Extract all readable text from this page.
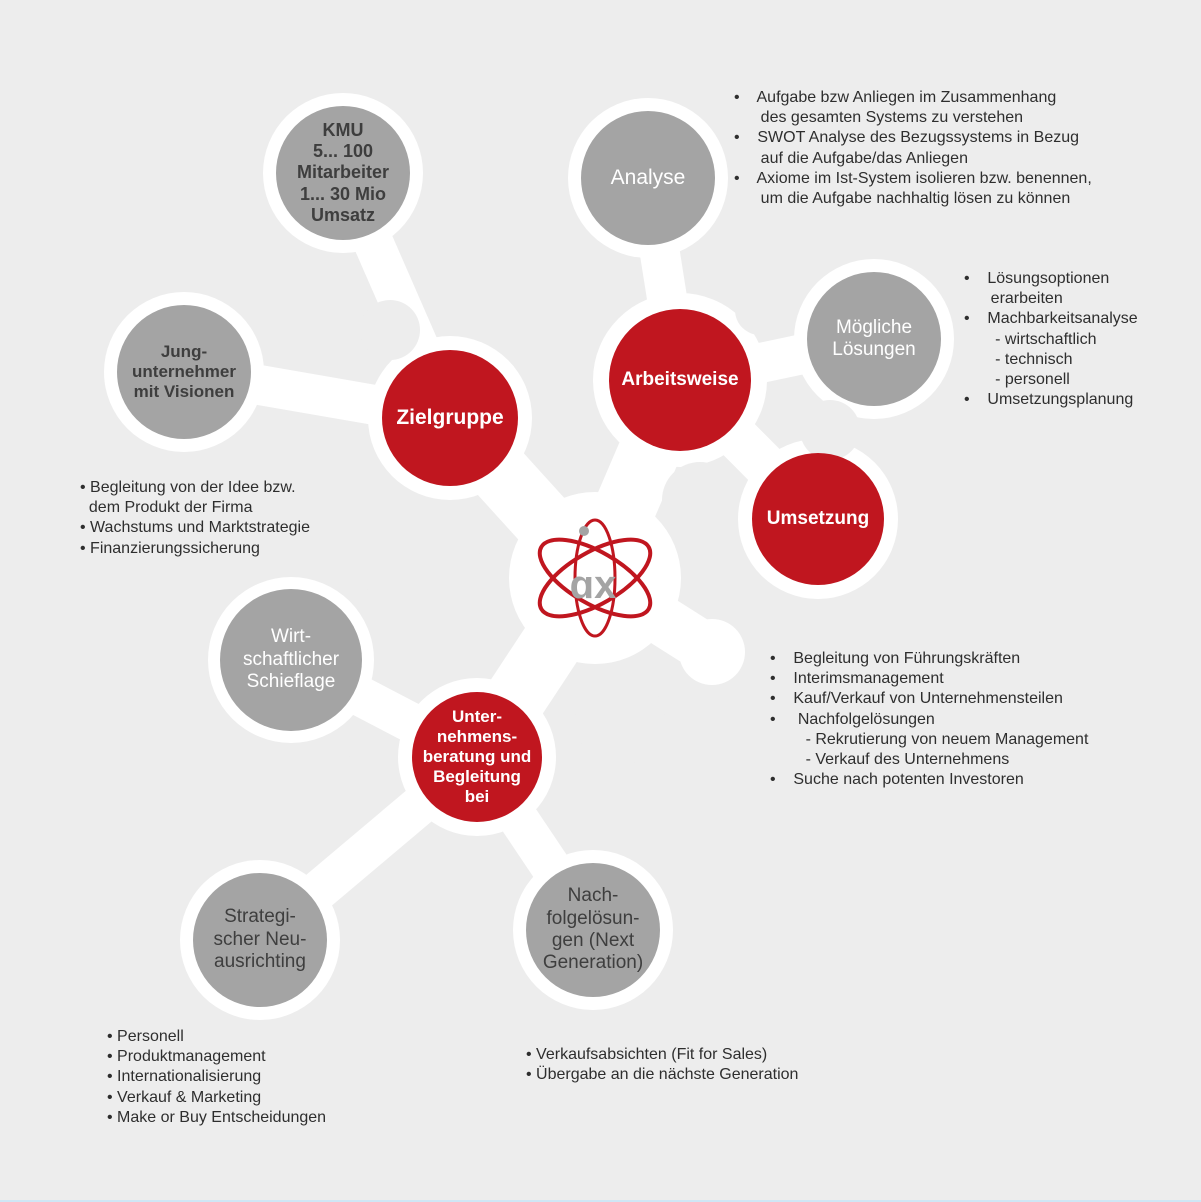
ɑx
Zielgruppe
Arbeitsweise
Umsetzung
Unter-
nehmens-
beratung und
Begleitung
bei
KMU
5... 100
Mitarbeiter
1... 30 Mio
Umsatz
Jung-
unternehmer
mit Visionen
Analyse
Mögliche
Lösungen
Wirt-
schaftlicher
Schieflage
Strategi-
scher Neu-
ausrichting
Nach-
folgelösun-
gen (Next
Generation)
•    Aufgabe bzw Anliegen im Zusammenhang
des gesamten Systems zu verstehen
•    SWOT Analyse des Bezugssystems in Bezug
auf die Aufgabe/das Anliegen
•    Axiome im Ist-System isolieren bzw. benennen,
um die Aufgabe nachhaltig lösen zu können
•    Lösungsoptionen
erarbeiten
•    Machbarkeitsanalyse
- wirtschaftlich
- technisch
- personell
•    Umsetzungsplanung
• Begleitung von der Idee bzw.
dem Produkt der Firma
• Wachstums und Marktstrategie
• Finanzierungssicherung
•    Begleitung von Führungskräften
•    Interimsmanagement
•    Kauf/Verkauf von Unternehmensteilen
•     Nachfolgelösungen
- Rekrutierung von neuem Management
- Verkauf des Unternehmens
•    Suche nach potenten Investoren
• Personell
• Produktmanagement
• Internationalisierung
• Verkauf & Marketing
• Make or Buy Entscheidungen
• Verkaufsabsichten (Fit for Sales)
• Übergabe an die nächste Generation
